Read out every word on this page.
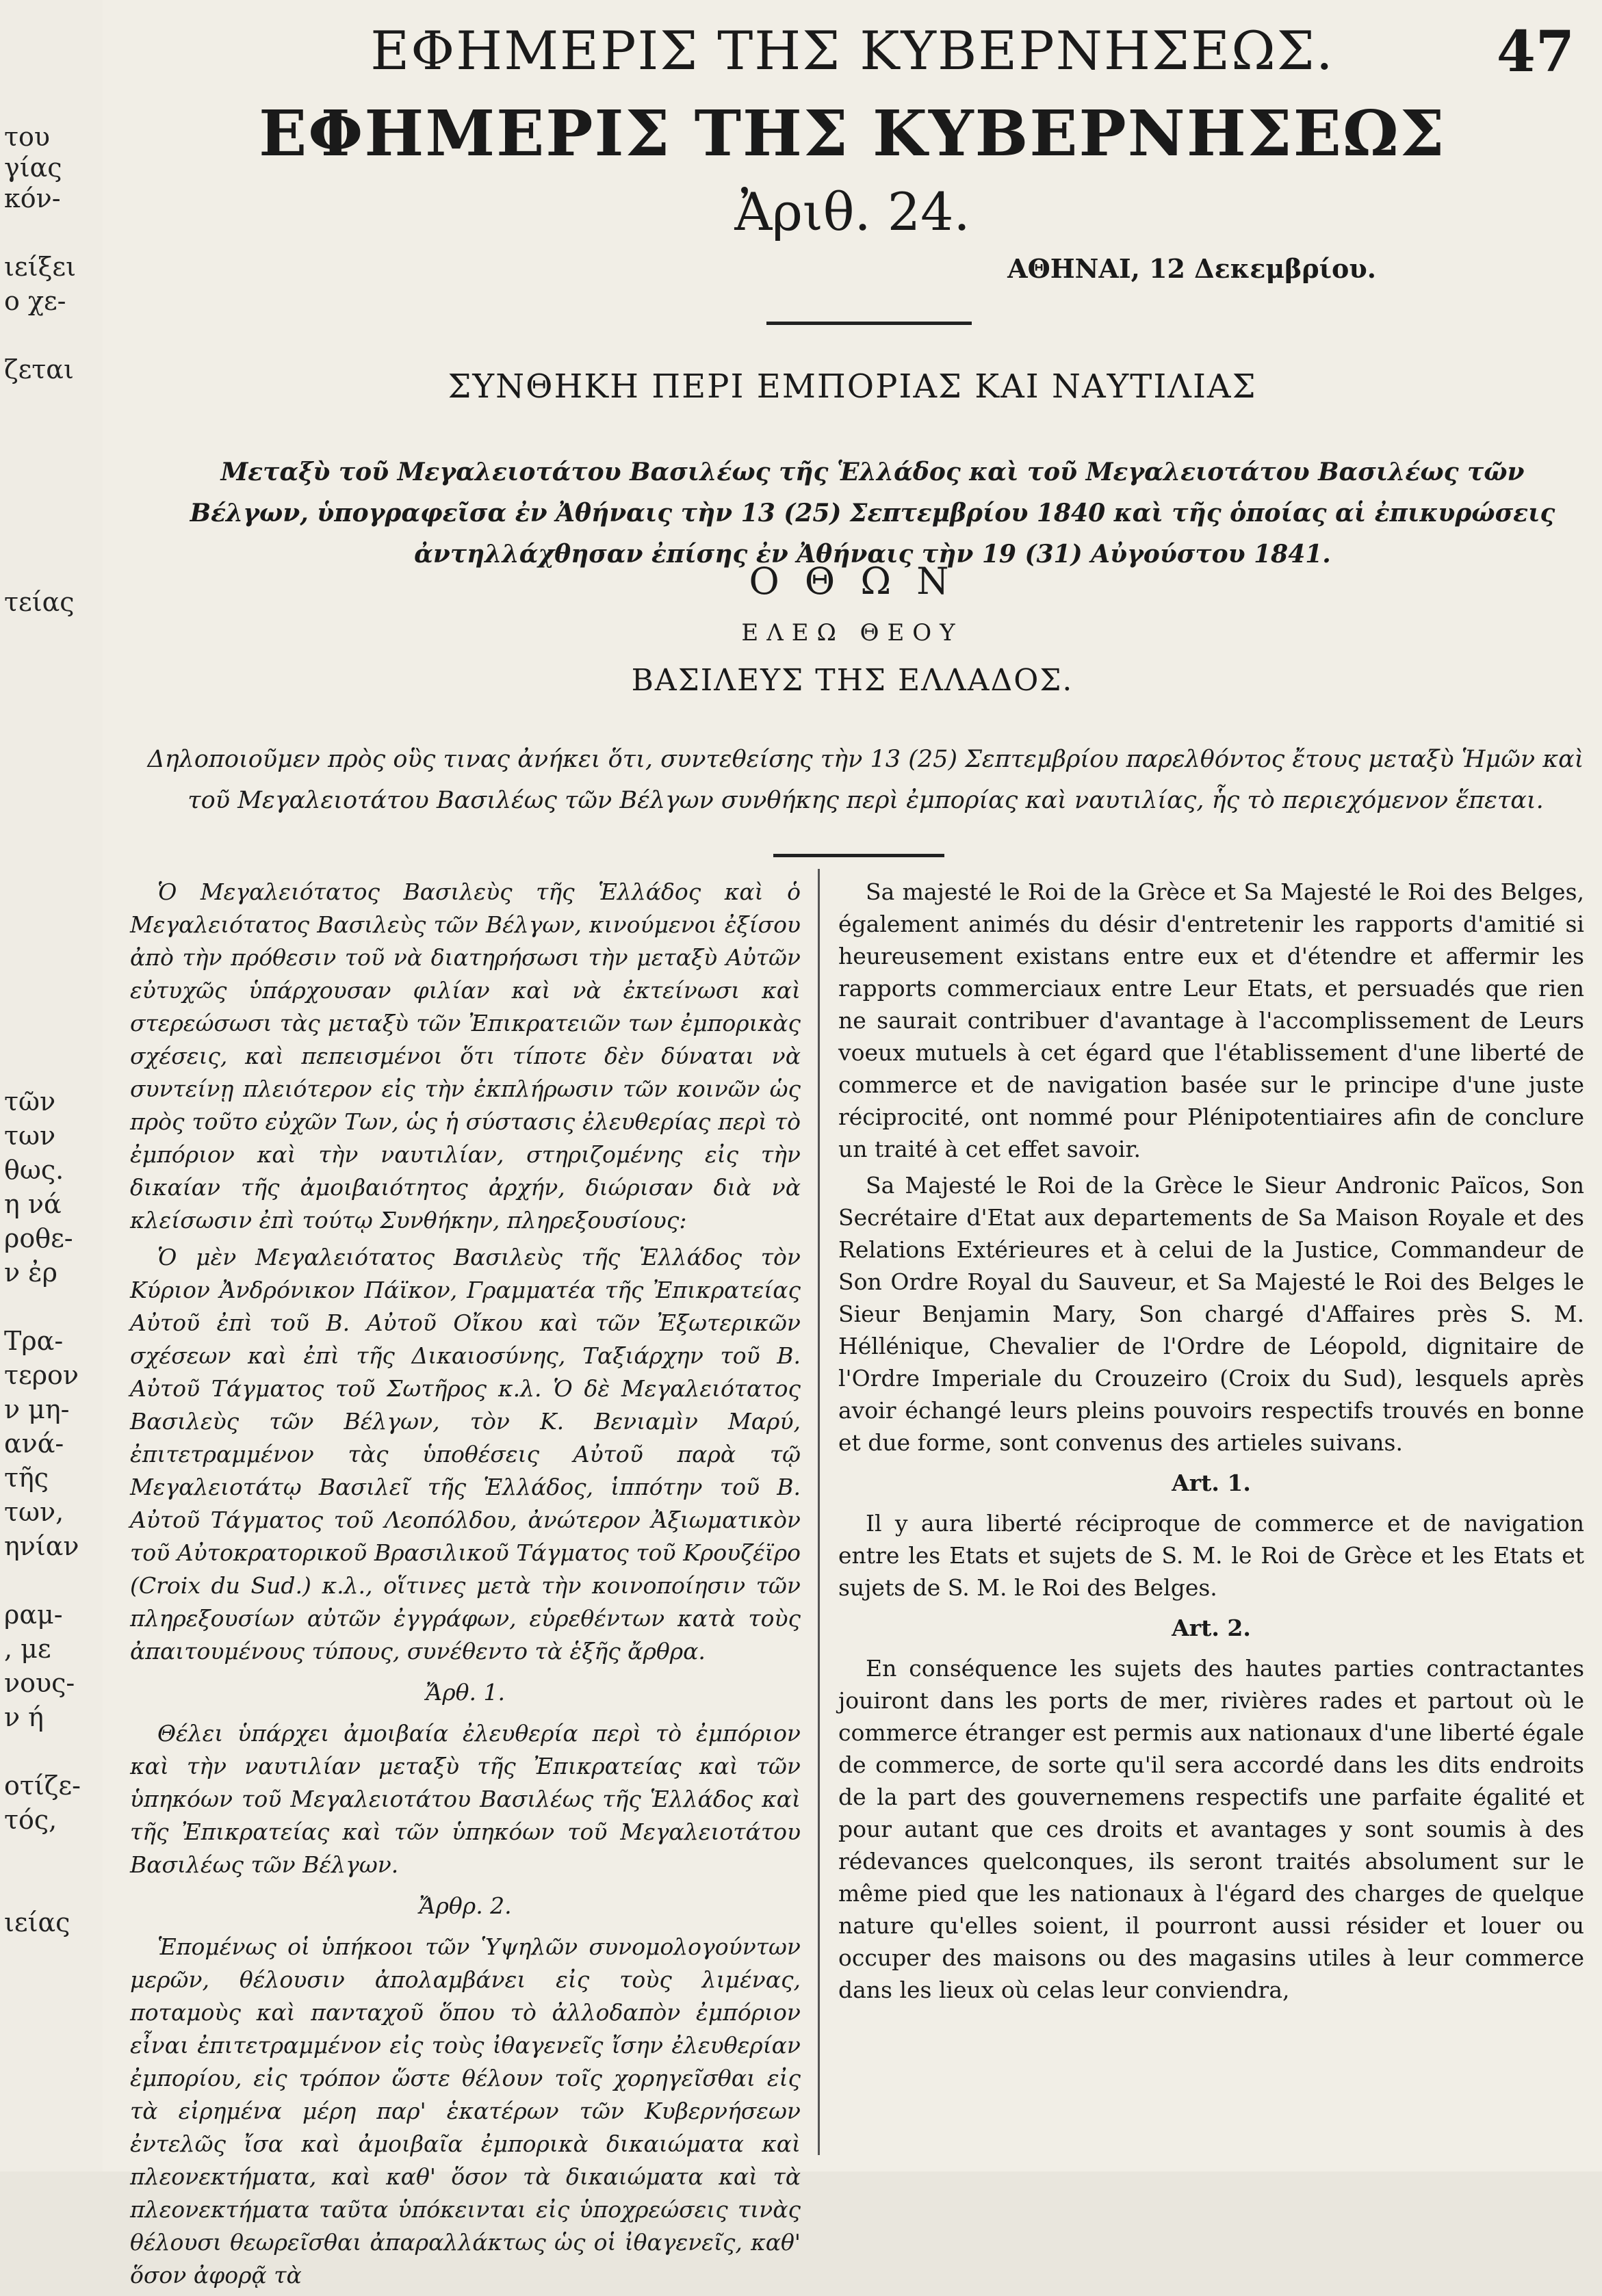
του
γίας
κόν-
ιείξει
ο χε-
ζεται
τείας
τῶν
των
θως.
η νά
ροθε-
ν ἐρ
Τρα-
τερον
ν μη-
ανά-
τῆς
των,
ηνίαν
ραμ-
, με
νους-
ν ή
οτίζε-
τός,
ιείας
ΕΦΗΜΕΡΙΣ ΤΗΣ ΚΥΒΕΡΝΗΣΕΩΣ.	47
ΕΦΗΜΕΡΙΣ ΤΗΣ ΚΥΒΕΡΝΗΣΕΩΣ
Ἀριθ. 24.
ΑΘΗΝΑΙ, 12 Δεκεμβρίου.
ΣΥΝΘΗΚΗ ΠΕΡΙ ΕΜΠΟΡΙΑΣ ΚΑΙ ΝΑΥΤΙΛΙΑΣ
Μεταξὺ τοῦ Μεγαλειοτάτου Βασιλέως τῆς Ἑλλάδος καὶ τοῦ Μεγαλειοτάτου Βασιλέως τῶν Βέλγων, ὑπογραφεῖσα ἐν Ἀθήναις τὴν 13 (25) Σεπτεμβρίου 1840 καὶ τῆς ὁποίας αἱ ἐπικυρώσεις ἀντηλλάχθησαν ἐπίσης ἐν Ἀθήναις τὴν 19 (31) Αὐγούστου 1841.
Ο Θ Ω Ν
ΕΛΕΩ ΘΕΟΥ
ΒΑΣΙΛΕΥΣ ΤΗΣ ΕΛΛΑΔΟΣ.
Δηλοποιοῦμεν πρὸς οὓς τινας ἀνήκει ὅτι, συντεθείσης τὴν 13 (25) Σεπτεμβρίου παρελθόντος ἔτους μεταξὺ Ἡμῶν καὶ τοῦ Μεγαλειοτάτου Βασιλέως τῶν Βέλγων συνθήκης περὶ ἐμπορίας καὶ ναυτιλίας, ἧς τὸ περιεχόμενον ἕπεται.

Ὁ Μεγαλειότατος Βασιλεὺς τῆς Ἑλλάδος καὶ ὁ Μεγαλειότατος Βασιλεὺς τῶν Βέλγων, κινούμενοι ἐξίσου ἀπὸ τὴν πρόθεσιν τοῦ νὰ διατηρήσωσι τὴν μεταξὺ Αὐτῶν εὐτυχῶς ὑπάρχουσαν φιλίαν καὶ νὰ ἐκτείνωσι καὶ στερεώσωσι τὰς μεταξὺ τῶν Ἐπικρατειῶν των ἐμπορικὰς σχέσεις, καὶ πεπεισμένοι ὅτι τίποτε δὲν δύναται νὰ συντείνῃ πλειότερον εἰς τὴν ἐκπλήρωσιν τῶν κοινῶν ὡς πρὸς τοῦτο εὐχῶν Των, ὡς ἡ σύστασις ἐλευθερίας περὶ τὸ ἐμπόριον καὶ τὴν ναυτιλίαν, στηριζομένης εἰς τὴν δικαίαν τῆς ἀμοιβαιότητος ἀρχήν, διώρισαν διὰ νὰ κλείσωσιν ἐπὶ τούτῳ Συνθήκην, πληρεξουσίους:

Ὁ μὲν Μεγαλειότατος Βασιλεὺς τῆς Ἑλλάδος τὸν Κύριον Ἀνδρόνικον Πάϊκον, Γραμματέα τῆς Ἐπικρατείας Αὐτοῦ ἐπὶ τοῦ Β. Αὐτοῦ Οἴκου καὶ τῶν Ἐξωτερικῶν σχέσεων καὶ ἐπὶ τῆς Δικαιοσύνης, Ταξιάρχην τοῦ Β. Αὐτοῦ Τάγματος τοῦ Σωτῆρος κ.λ. Ὁ δὲ Μεγαλειότατος Βασιλεὺς τῶν Βέλγων, τὸν Κ. Βενιαμὶν Μαρύ, ἐπιτετραμμένον τὰς ὑποθέσεις Αὐτοῦ παρὰ τῷ Μεγαλειοτάτῳ Βασιλεῖ τῆς Ἑλλάδος, ἱππότην τοῦ Β. Αὐτοῦ Τάγματος τοῦ Λεοπόλδου, ἀνώτερον Ἀξιωματικὸν τοῦ Αὐτοκρατορικοῦ Βρασιλικοῦ Τάγματος τοῦ Κρουζέϊρο (Croix du Sud.) κ.λ., οἵτινες μετὰ τὴν κοινοποίησιν τῶν πληρεξουσίων αὐτῶν ἐγγράφων, εὑρεθέντων κατὰ τοὺς ἀπαιτουμένους τύπους, συνέθεντο τὰ ἑξῆς ἄρθρα.

Ἄρθ. 1.

Θέλει ὑπάρχει ἀμοιβαία ἐλευθερία περὶ τὸ ἐμπόριον καὶ τὴν ναυτιλίαν μεταξὺ τῆς Ἐπικρατείας καὶ τῶν ὑπηκόων τοῦ Μεγαλειοτάτου Βασιλέως τῆς Ἑλλάδος καὶ τῆς Ἐπικρατείας καὶ τῶν ὑπηκόων τοῦ Μεγαλειοτάτου Βασιλέως τῶν Βέλγων.

Ἄρθρ. 2.

Ἑπομένως οἱ ὑπήκοοι τῶν Ὑψηλῶν συνομολογούντων μερῶν, θέλουσιν ἀπολαμβάνει εἰς τοὺς λιμένας, ποταμοὺς καὶ πανταχοῦ ὅπου τὸ ἀλλοδαπὸν ἐμπόριον εἶναι ἐπιτετραμμένον εἰς τοὺς ἰθαγενεῖς ἴσην ἐλευθερίαν ἐμπορίου, εἰς τρόπον ὥστε θέλουν τοῖς χορηγεῖσθαι εἰς τὰ εἰρημένα μέρη παρ' ἑκατέρων τῶν Κυβερνήσεων ἐντελῶς ἴσα καὶ ἀμοιβαῖα ἐμπορικὰ δικαιώματα καὶ πλεονεκτήματα, καὶ καθ' ὅσον τὰ δικαιώματα καὶ τὰ πλεονεκτήματα ταῦτα ὑπόκεινται εἰς ὑποχρεώσεις τινὰς θέλουσι θεωρεῖσθαι ἀπαραλλάκτως ὡς οἱ ἰθαγενεῖς, καθ' ὅσον ἀφορᾷ τὰ

Sa majesté le Roi de la Grèce et Sa Majesté le Roi des Belges, également animés du désir d'entretenir les rapports d'amitié si heureusement existans entre eux et d'étendre et affermir les rapports commerciaux entre Leur Etats, et persuadés que rien ne saurait contribuer d'avantage à l'accomplissement de Leurs voeux mutuels à cet égard que l'établissement d'une liberté de commerce et de navigation basée sur le principe d'une juste réciprocité, ont nommé pour Plénipotentiaires afin de conclure un traité à cet effet savoir.

Sa Majesté le Roi de la Grèce le Sieur Andronic Païcos, Son Secrétaire d'Etat aux departements de Sa Maison Royale et des Relations Extérieures et à celui de la Justice, Commandeur de Son Ordre Royal du Sauveur, et Sa Majesté le Roi des Belges le Sieur Benjamin Mary, Son chargé d'Affaires près S. M. Héllénique, Chevalier de l'Ordre de Léopold, dignitaire de l'Ordre Imperiale du Crouzeiro (Croix du Sud), lesquels après avoir échangé leurs pleins pouvoirs respectifs trouvés en bonne et due forme, sont convenus des artieles suivans.

Art. 1.

Il y aura liberté réciproque de commerce et de navigation entre les Etats et sujets de S. M. le Roi de Grèce et les Etats et sujets de S. M. le Roi des Belges.

Art. 2.

En conséquence les sujets des hautes parties contractantes jouiront dans les ports de mer, rivières rades et partout où le commerce étranger est permis aux nationaux d'une liberté égale de commerce, de sorte qu'il sera accordé dans les dits endroits de la part des gouvernemens respectifs une parfaite égalité et pour autant que ces droits et avantages y sont soumis à des rédevances quelconques, ils seront traités absolument sur le même pied que les nationaux à l'égard des charges de quelque nature qu'elles soient, il pourront aussi résider et louer ou occuper des maisons ou des magasins utiles à leur commerce dans les lieux où celas leur conviendra,
